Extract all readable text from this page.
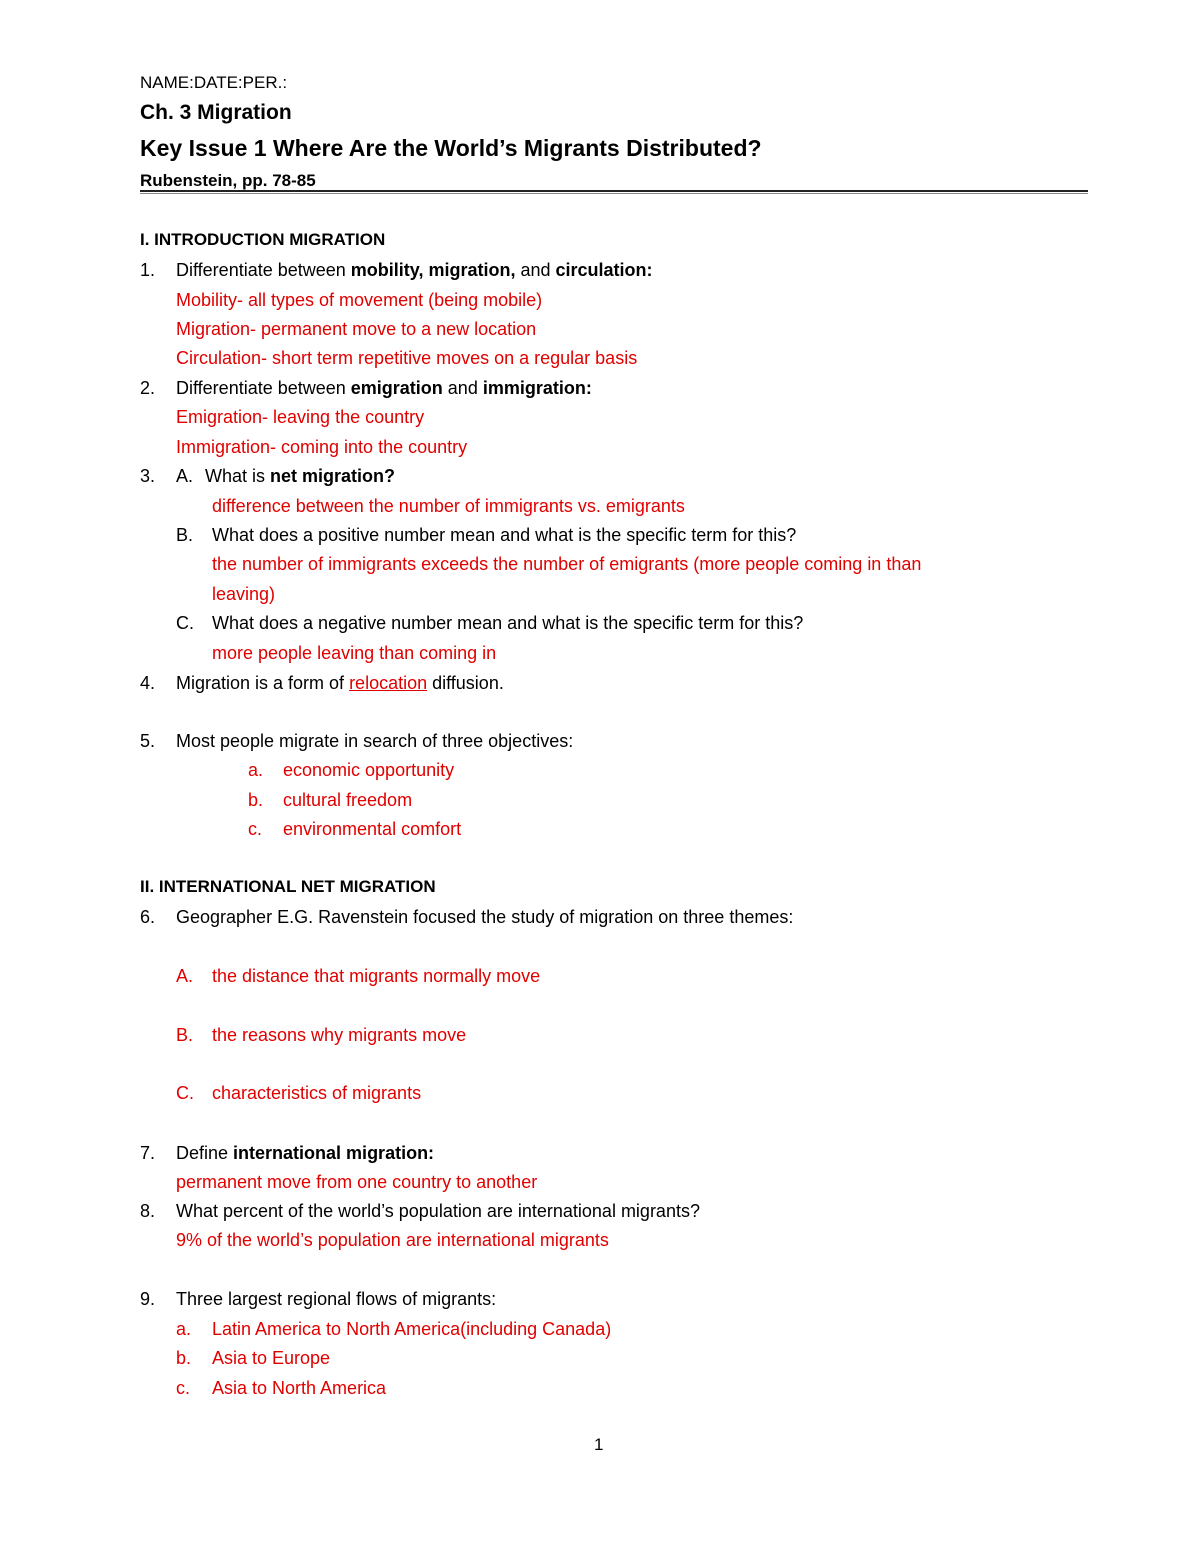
NAME:DATE:PER.:
Ch. 3 Migration
Key Issue 1 Where Are the World’s Migrants Distributed?
Rubenstein, pp. 78-85
I. INTRODUCTION MIGRATION
1.	Differentiate between mobility, migration, and circulation:
Mobility- all types of movement (being mobile)
Migration- permanent move to a new location
Circulation- short term repetitive moves on a regular basis
2.	Differentiate between emigration and immigration:
Emigration- leaving the country
Immigration- coming into the country
3.	A. What is net migration?
difference between the number of immigrants vs. emigrants
B.	What does a positive number mean and what is the specific term for this?
the number of immigrants exceeds the number of emigrants (more people coming in than
leaving)
C.	What does a negative number mean and what is the specific term for this?
more people leaving than coming in
4.	Migration is a form of relocation diffusion.
5.	Most people migrate in search of three objectives:
a.	economic opportunity
b.	cultural freedom
c.	environmental comfort
II. INTERNATIONAL NET MIGRATION
6.	Geographer E.G. Ravenstein focused the study of migration on three themes:
A.	the distance that migrants normally move
B.	the reasons why migrants move
C.	characteristics of migrants
7.	Define international migration:
permanent move from one country to another
8.	What percent of the world’s population are international migrants?
9% of the world’s population are international migrants
9.	Three largest regional flows of migrants:
a.	Latin America to North America(including Canada)
b.	Asia to Europe
c.	Asia to North America
1
